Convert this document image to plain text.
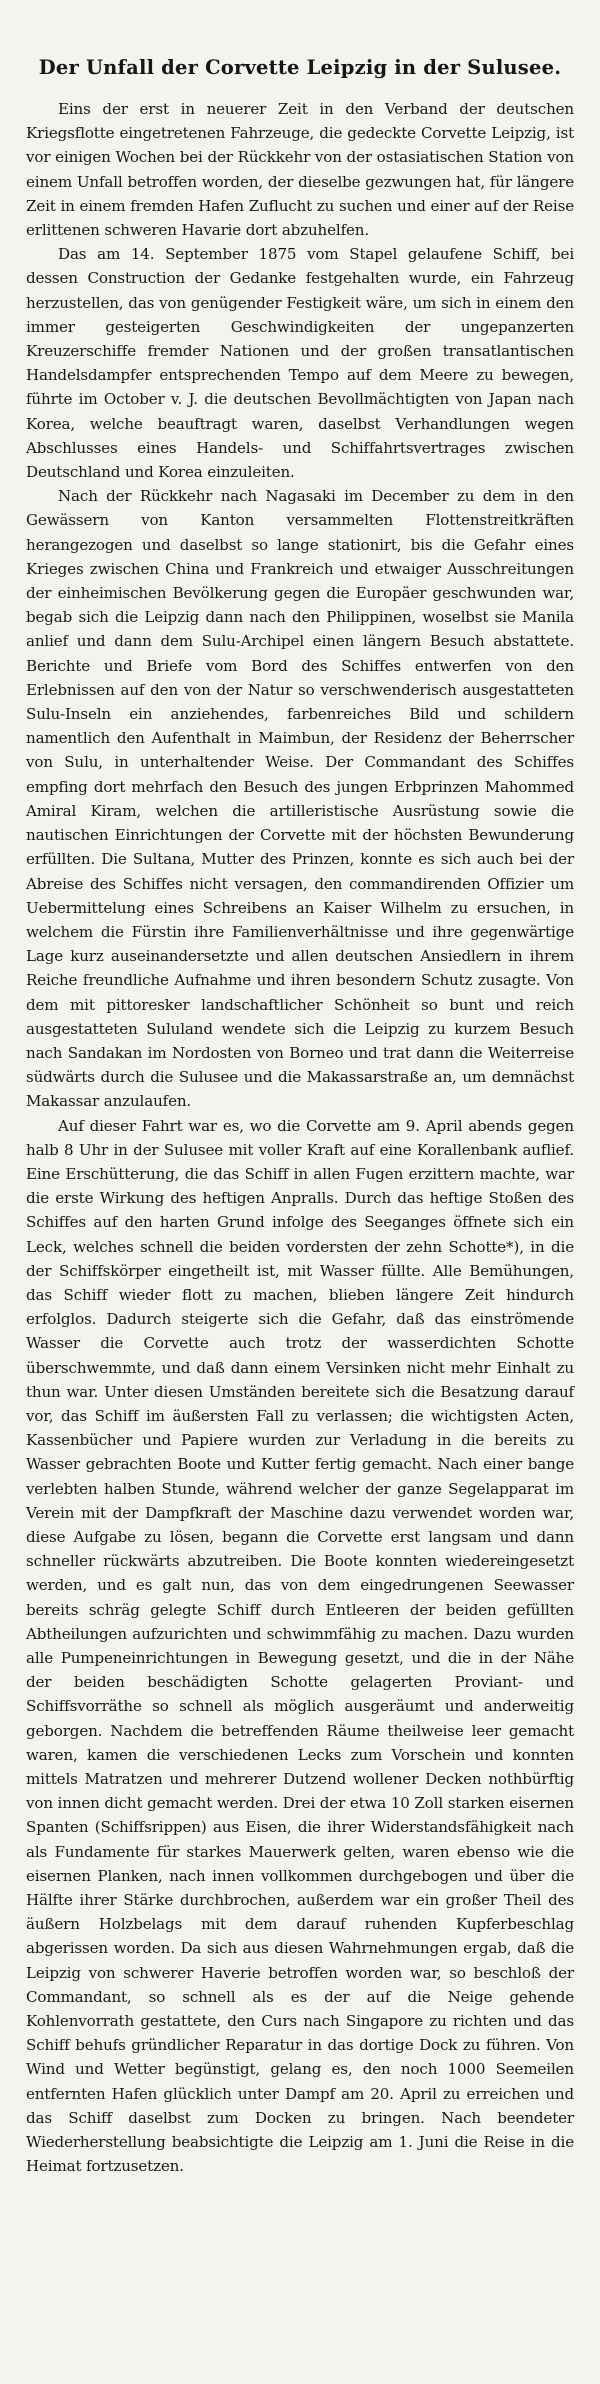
Der Unfall der Corvette Leipzig in der Sulusee.

Eins der erst in neuerer Zeit in den Verband der deutschen Kriegsflotte eingetretenen Fahrzeuge, die gedeckte Corvette Leipzig, ist vor einigen Wochen bei der Rückkehr von der ostasiatischen Station von einem Unfall betroffen worden, der dieselbe gezwungen hat, für längere Zeit in einem fremden Hafen Zuflucht zu suchen und einer auf der Reise erlittenen schweren Havarie dort abzuhelfen.

Das am 14. September 1875 vom Stapel gelaufene Schiff, bei dessen Construction der Gedanke festgehalten wurde, ein Fahrzeug herzustellen, das von genügender Festigkeit wäre, um sich in einem den immer gesteigerten Geschwindigkeiten der ungepanzerten Kreuzerschiffe fremder Nationen und der großen transatlantischen Handelsdampfer entsprechenden Tempo auf dem Meere zu bewegen, führte im October v. J. die deutschen Bevollmächtigten von Japan nach Korea, welche beauftragt waren, daselbst Verhandlungen wegen Abschlusses eines Handels- und Schiffahrtsvertrages zwischen Deutschland und Korea einzuleiten.

Nach der Rückkehr nach Nagasaki im December zu dem in den Gewässern von Kanton versammelten Flottenstreitkräften herangezogen und daselbst so lange stationirt, bis die Gefahr eines Krieges zwischen China und Frankreich und etwaiger Ausschreitungen der einheimischen Bevölkerung gegen die Europäer geschwunden war, begab sich die Leipzig dann nach den Philippinen, woselbst sie Manila anlief und dann dem Sulu-Archipel einen längern Besuch abstattete. Berichte und Briefe vom Bord des Schiffes entwerfen von den Erlebnissen auf den von der Natur so verschwenderisch ausgestatteten Sulu-Inseln ein anziehendes, farbenreiches Bild und schildern namentlich den Aufenthalt in Maimbun, der Residenz der Beherrscher von Sulu, in unterhaltender Weise. Der Commandant des Schiffes empfing dort mehrfach den Besuch des jungen Erbprinzen Mahommed Amiral Kiram, welchen die artilleristische Ausrüstung sowie die nautischen Einrichtungen der Corvette mit der höchsten Bewunderung erfüllten. Die Sultana, Mutter des Prinzen, konnte es sich auch bei der Abreise des Schiffes nicht versagen, den commandirenden Offizier um Uebermittelung eines Schreibens an Kaiser Wilhelm zu ersuchen, in welchem die Fürstin ihre Familienverhältnisse und ihre gegenwärtige Lage kurz auseinandersetzte und allen deutschen Ansiedlern in ihrem Reiche freundliche Aufnahme und ihren besondern Schutz zusagte. Von dem mit pittoresker landschaftlicher Schönheit so bunt und reich ausgestatteten Sululand wendete sich die Leipzig zu kurzem Besuch nach Sandakan im Nordosten von Borneo und trat dann die Weiterreise südwärts durch die Sulusee und die Makassarstraße an, um demnächst Makassar anzulaufen.

Auf dieser Fahrt war es, wo die Corvette am 9. April abends gegen halb 8 Uhr in der Sulusee mit voller Kraft auf eine Korallenbank auflief. Eine Erschütterung, die das Schiff in allen Fugen erzittern machte, war die erste Wirkung des heftigen Anpralls. Durch das heftige Stoßen des Schiffes auf den harten Grund infolge des Seeganges öffnete sich ein Leck, welches schnell die beiden vordersten der zehn Schotte*), in die der Schiffskörper eingetheilt ist, mit Wasser füllte. Alle Bemühungen, das Schiff wieder flott zu machen, blieben längere Zeit hindurch erfolglos. Dadurch steigerte sich die Gefahr, daß das einströmende Wasser die Corvette auch trotz der wasserdichten Schotte überschwemmte, und daß dann einem Versinken nicht mehr Einhalt zu thun war. Unter diesen Umständen bereitete sich die Besatzung darauf vor, das Schiff im äußersten Fall zu verlassen; die wichtigsten Acten, Kassenbücher und Papiere wurden zur Verladung in die bereits zu Wasser gebrachten Boote und Kutter fertig gemacht. Nach einer bange verlebten halben Stunde, während welcher der ganze Segelapparat im Verein mit der Dampfkraft der Maschine dazu verwendet worden war, diese Aufgabe zu lösen, begann die Corvette erst langsam und dann schneller rückwärts abzutreiben. Die Boote konnten wiedereingesetzt werden, und es galt nun, das von dem eingedrungenen Seewasser bereits schräg gelegte Schiff durch Entleeren der beiden gefüllten Abtheilungen aufzurichten und schwimmfähig zu machen. Dazu wurden alle Pumpeneinrichtungen in Bewegung gesetzt, und die in der Nähe der beiden beschädigten Schotte gelagerten Proviant- und Schiffsvorräthe so schnell als möglich ausgeräumt und anderweitig geborgen. Nachdem die betreffenden Räume theilweise leer gemacht waren, kamen die verschiedenen Lecks zum Vorschein und konnten mittels Matratzen und mehrerer Dutzend wollener Decken nothbürftig von innen dicht gemacht werden. Drei der etwa 10 Zoll starken eisernen Spanten (Schiffsrippen) aus Eisen, die ihrer Widerstandsfähigkeit nach als Fundamente für starkes Mauerwerk gelten, waren ebenso wie die eisernen Planken, nach innen vollkommen durchgebogen und über die Hälfte ihrer Stärke durchbrochen, außerdem war ein großer Theil des äußern Holzbelags mit dem darauf ruhenden Kupferbeschlag abgerissen worden. Da sich aus diesen Wahrnehmungen ergab, daß die Leipzig von schwerer Haverie betroffen worden war, so beschloß der Commandant, so schnell als es der auf die Neige gehende Kohlenvorrath gestattete, den Curs nach Singapore zu richten und das Schiff behufs gründlicher Reparatur in das dortige Dock zu führen. Von Wind und Wetter begünstigt, gelang es, den noch 1000 Seemeilen entfernten Hafen glücklich unter Dampf am 20. April zu erreichen und das Schiff daselbst zum Docken zu bringen. Nach beendeter Wiederherstellung beabsichtigte die Leipzig am 1. Juni die Reise in die Heimat fortzusetzen.
